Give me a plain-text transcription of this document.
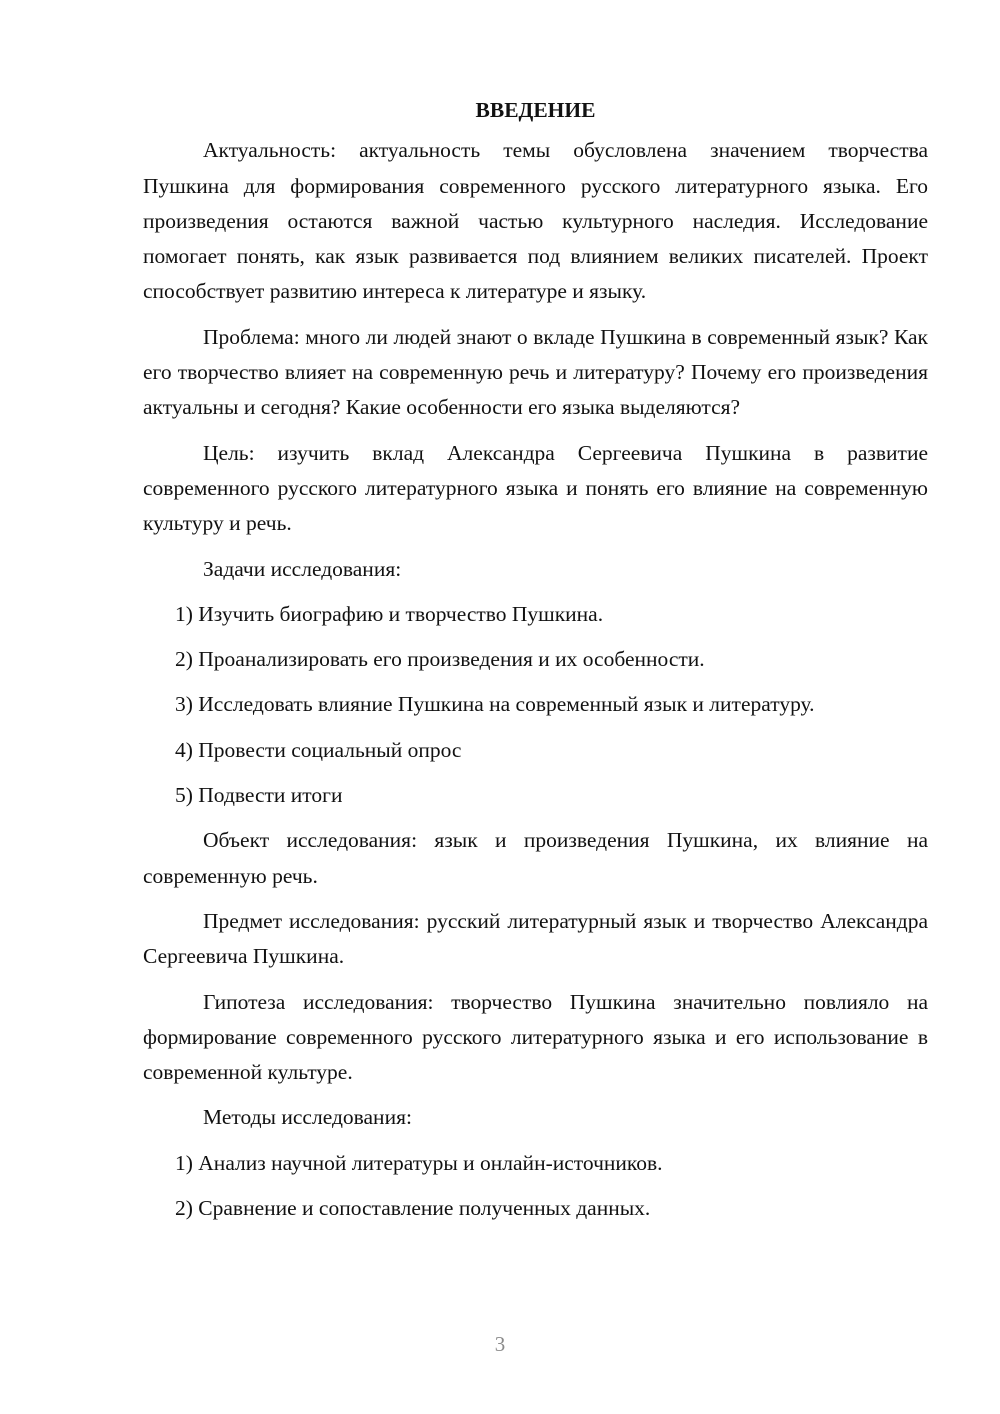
ВВЕДЕНИЕ

Актуальность: актуальность темы обусловлена значением творчества Пушкина для формирования современного русского литературного языка. Его произведения остаются важной частью культурного наследия. Исследование помогает понять, как язык развивается под влиянием великих писателей. Проект способствует развитию интереса к литературе и языку.

Проблема: много ли людей знают о вкладе Пушкина в современный язык? Как его творчество влияет на современную речь и литературу? Почему его произведения актуальны и сегодня? Какие особенности его языка выделяются?

Цель: изучить вклад Александра Сергеевича Пушкина в развитие современного русского литературного языка и понять его влияние на современную культуру и речь.

Задачи исследования:

1) Изучить биографию и творчество Пушкина.

2) Проанализировать его произведения и их особенности.

3) Исследовать влияние Пушкина на современный язык и литературу.

4) Провести социальный опрос

5) Подвести итоги

Объект исследования: язык и произведения Пушкина, их влияние на современную речь.

Предмет исследования: русский литературный язык и творчество Александра Сергеевича Пушкина.

Гипотеза исследования: творчество Пушкина значительно повлияло на формирование современного русского литературного языка и его использование в современной культуре.

Методы исследования:

1) Анализ научной литературы и онлайн-источников.

2) Сравнение и сопоставление полученных данных.

3
